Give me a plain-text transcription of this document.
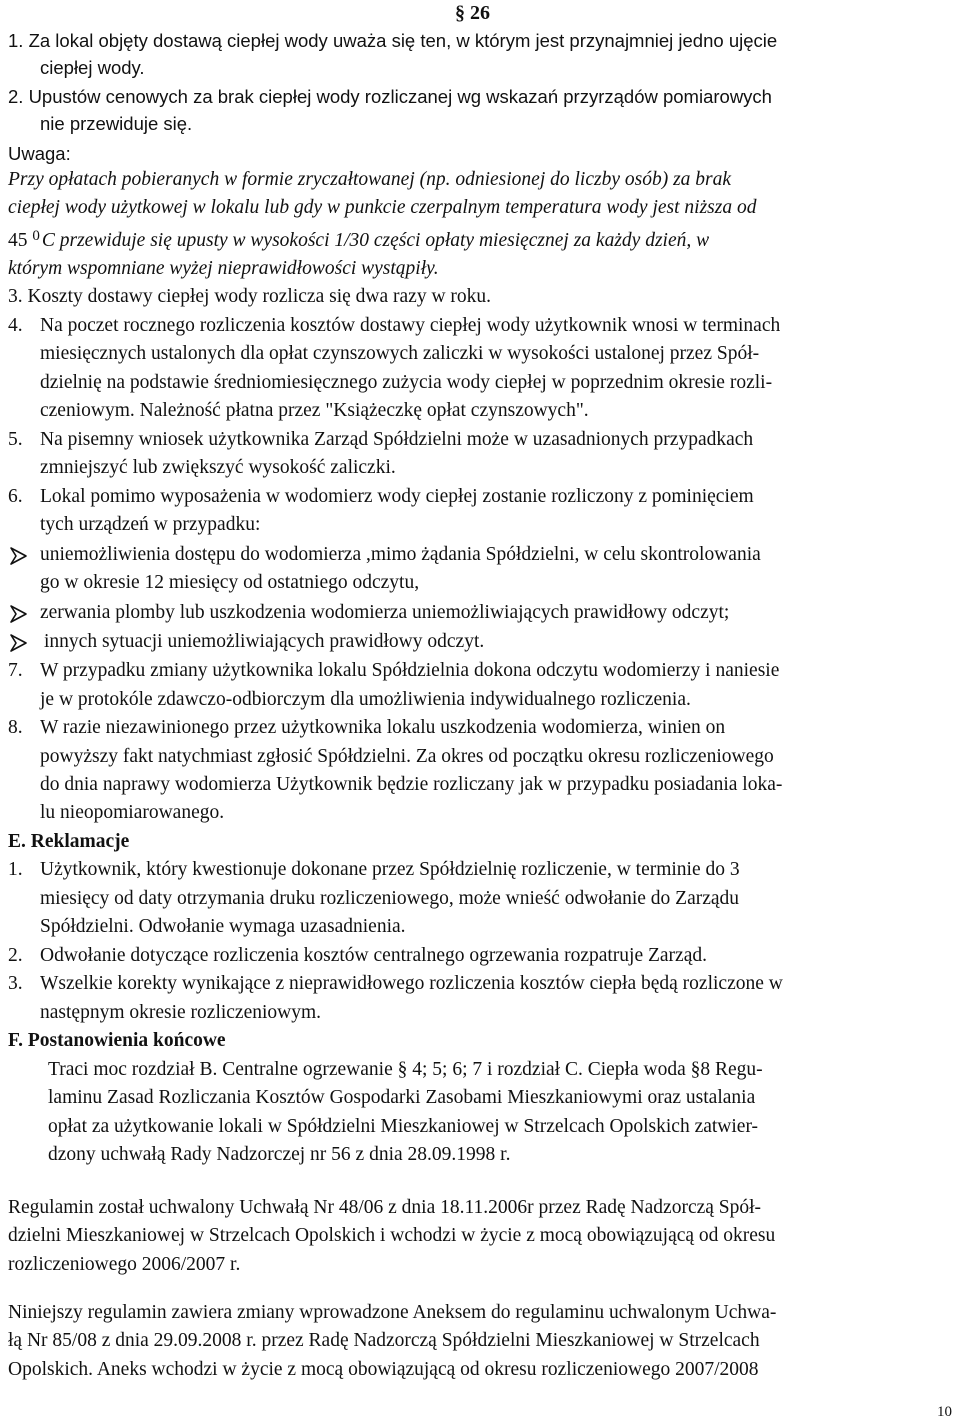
§ 26
1. Za lokal objęty dostawą ciepłej wody uważa się ten, w którym jest przynajmniej jedno ujęcie
ciepłej wody.
2. Upustów cenowych za brak ciepłej wody rozliczanej wg wskazań przyrządów pomiarowych
nie przewiduje się.
Uwaga:
Przy opłatach pobieranych w formie zryczałtowanej (np. odniesionej do liczby osób) za brak
ciepłej wody użytkowej w lokalu lub gdy w punkcie czerpalnym temperatura wody jest niższa od
45 $^0$ C przewiduje się upusty w wysokości 1/30 części opłaty miesięcznej za każdy dzień, w
którym wspomniane wyżej nieprawidłowości wystąpiły.
3. Koszty dostawy ciepłej wody rozlicza się dwa razy w roku.
4. Na poczet rocznego rozliczenia kosztów dostawy ciepłej wody użytkownik wnosi w terminach
miesięcznych ustalonych dla opłat czynszowych zaliczki w wysokości ustalonej przez Spół-
dzielnię na podstawie średniomiesięcznego zużycia wody ciepłej w poprzednim okresie rozli-
czeniowym. Należność płatna przez "Książeczkę opłat czynszowych".
5. Na pisemny wniosek użytkownika Zarząd Spółdzielni może w uzasadnionych przypadkach
zmniejszyć lub zwiększyć wysokość zaliczki.
6. Lokal pomimo wyposażenia w wodomierz wody ciepłej zostanie rozliczony z pominięciem
tych urządzeń w przypadku:
uniemożliwienia dostępu do wodomierza ,mimo żądania Spółdzielni, w celu skontrolowania
go w okresie 12 miesięcy od ostatniego odczytu,
zerwania plomby lub uszkodzenia wodomierza uniemożliwiających prawidłowy odczyt;
innych sytuacji uniemożliwiających prawidłowy odczyt.
7. W przypadku zmiany użytkownika lokalu Spółdzielnia dokona odczytu wodomierzy i naniesie
je w protokóle zdawczo-odbiorczym dla umożliwienia indywidualnego rozliczenia.
8. W razie niezawinionego przez użytkownika lokalu uszkodzenia wodomierza, winien on
powyższy fakt natychmiast zgłosić Spółdzielni. Za okres od początku okresu rozliczeniowego
do dnia naprawy wodomierza Użytkownik będzie rozliczany jak w przypadku posiadania loka-
lu nieopomiarowanego.
E. Reklamacje
1. Użytkownik, który kwestionuje dokonane przez Spółdzielnię rozliczenie, w terminie do 3
miesięcy od daty otrzymania druku rozliczeniowego, może wnieść odwołanie do Zarządu
Spółdzielni. Odwołanie wymaga uzasadnienia.
2. Odwołanie dotyczące rozliczenia kosztów centralnego ogrzewania rozpatruje Zarząd.
3. Wszelkie korekty wynikające z nieprawidłowego rozliczenia kosztów ciepła będą rozliczone w
następnym okresie rozliczeniowym.
F. Postanowienia końcowe
Traci moc rozdział B. Centralne ogrzewanie § 4; 5; 6; 7 i rozdział C. Ciepła woda §8 Regu-
laminu Zasad Rozliczania Kosztów Gospodarki Zasobami Mieszkaniowymi oraz ustalania
opłat za użytkowanie lokali w Spółdzielni Mieszkaniowej w Strzelcach Opolskich zatwier-
dzony uchwałą Rady Nadzorczej nr 56 z dnia 28.09.1998 r.
Regulamin został uchwalony Uchwałą Nr 48/06 z dnia 18.11.2006r przez Radę Nadzorczą Spół-
dzielni Mieszkaniowej w Strzelcach Opolskich i wchodzi w życie z mocą obowiązującą od okresu
rozliczeniowego 2006/2007 r.
Niniejszy regulamin zawiera zmiany wprowadzone Aneksem do regulaminu uchwalonym Uchwa-
łą Nr 85/08 z dnia 29.09.2008 r. przez Radę Nadzorczą Spółdzielni Mieszkaniowej w Strzelcach
Opolskich. Aneks wchodzi w życie z mocą obowiązującą od okresu rozliczeniowego 2007/2008
10
